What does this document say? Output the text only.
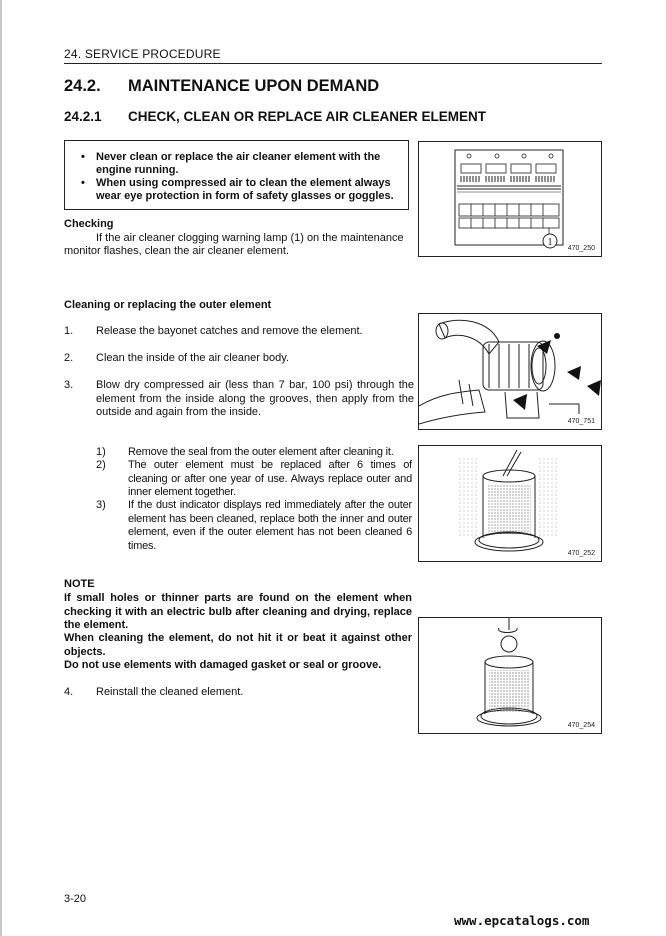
24. SERVICE PROCEDURE
24.2. MAINTENANCE UPON DEMAND
24.2.1 CHECK, CLEAN OR REPLACE AIR CLEANER ELEMENT
• Never clean or replace the air cleaner element with the engine running.
• When using compressed air to clean the element always wear eye protection in form of safety glasses or goggles.
Checking
If the air cleaner clogging warning lamp (1) on the maintenance
monitor flashes, clean the air cleaner element.
1
470_250
Cleaning or replacing the outer element
1. Release the bayonet catches and remove the element.
2. Clean the inside of the air cleaner body.
3. Blow dry compressed air (less than 7 bar, 100 psi) through the element from the inside along the grooves, then apply from the outside and again from the inside.
470_751
1) Remove the seal from the outer element after cleaning it.
2) The outer element must be replaced after 6 times of cleaning or after one year of use. Always replace outer and inner element together.
3) If the dust indicator displays red immediately after the outer element has been cleaned, replace both the inner and outer element, even if the outer element has not been cleaned 6 times.
470_252
NOTE
If small holes or thinner parts are found on the element when checking it with an electric bulb after cleaning and drying, replace the element.
When cleaning the element, do not hit it or beat it against other objects.
Do not use elements with damaged gasket or seal or groove.
4. Reinstall the cleaned element.
470_254
3-20
www.epcatalogs.com
